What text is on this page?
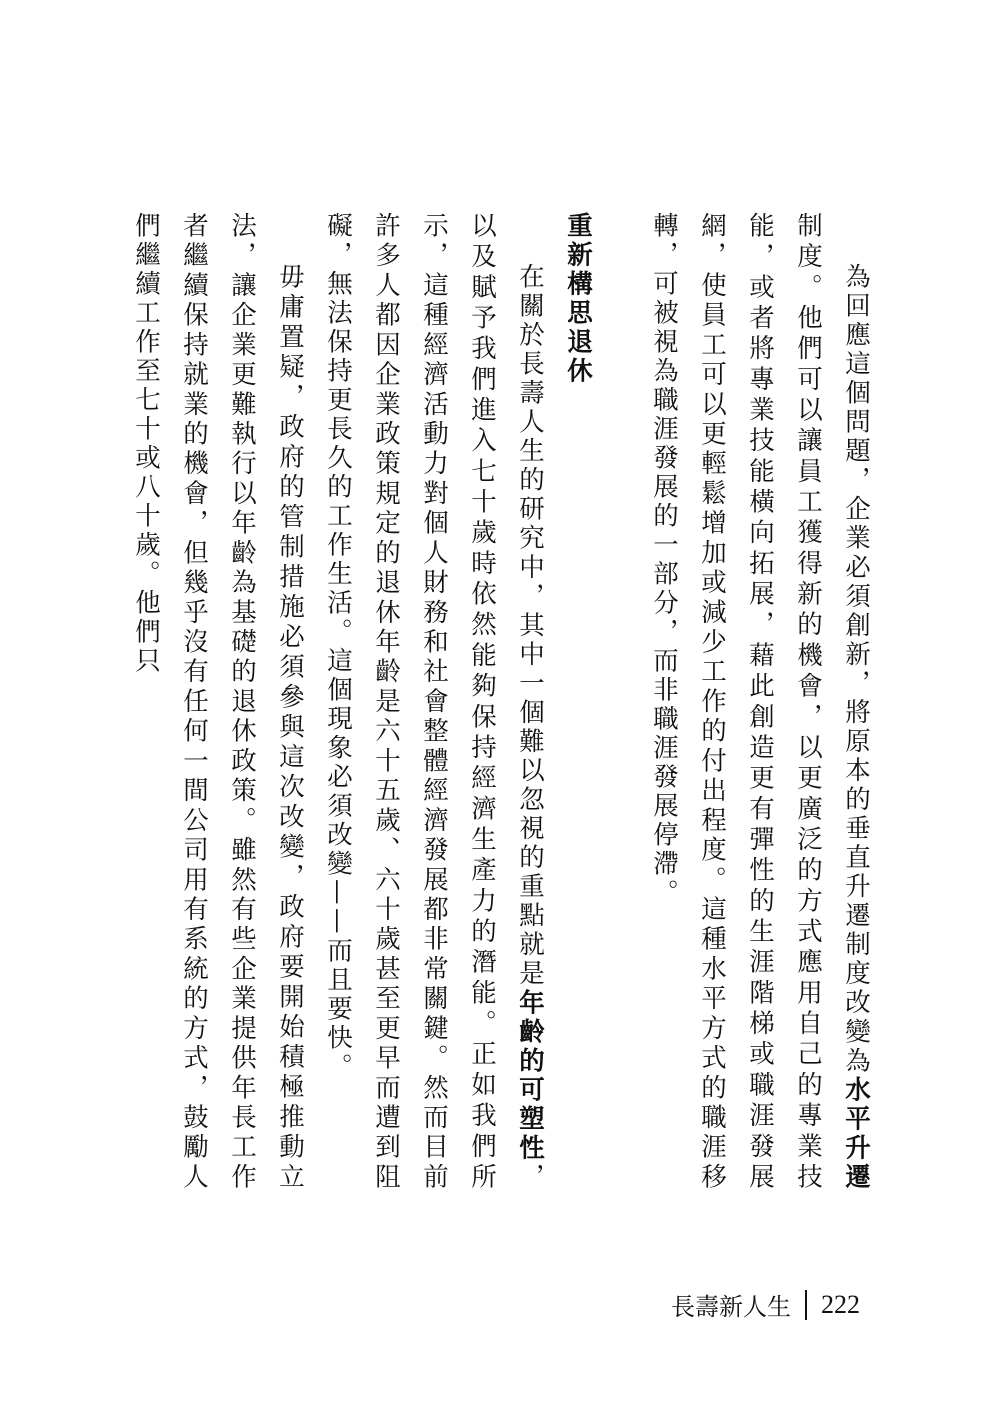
為回應這個問題，企業必須創新，將原本的垂直升遷制度改變為水平升遷制度。他們可以讓員工獲得新的機會，以更廣泛的方式應用自己的專業技能，或者將專業技能橫向拓展，藉此創造更有彈性的生涯階梯或職涯發展網，使員工可以更輕鬆增加或減少工作的付出程度。這種水平方式的職涯移轉，可被視為職涯發展的一部分，而非職涯發展停滯。

重新構思退休

在關於長壽人生的研究中，其中一個難以忽視的重點就是年齡的可塑性，以及賦予我們進入七十歲時依然能夠保持經濟生產力的潛能。正如我們所示，這種經濟活動力對個人財務和社會整體經濟發展都非常關鍵。然而目前許多人都因企業政策規定的退休年齡是六十五歲、六十歲甚至更早而遭到阻礙，無法保持更長久的工作生活。這個現象必須改變——而且要快。

毋庸置疑，政府的管制措施必須參與這次改變，政府要開始積極推動立法，讓企業更難執行以年齡為基礎的退休政策。雖然有些企業提供年長工作者繼續保持就業的機會，但幾乎沒有任何一間公司用有系統的方式，鼓勵人們繼續工作至七十或八十歲。他們只

長壽新人生 222
